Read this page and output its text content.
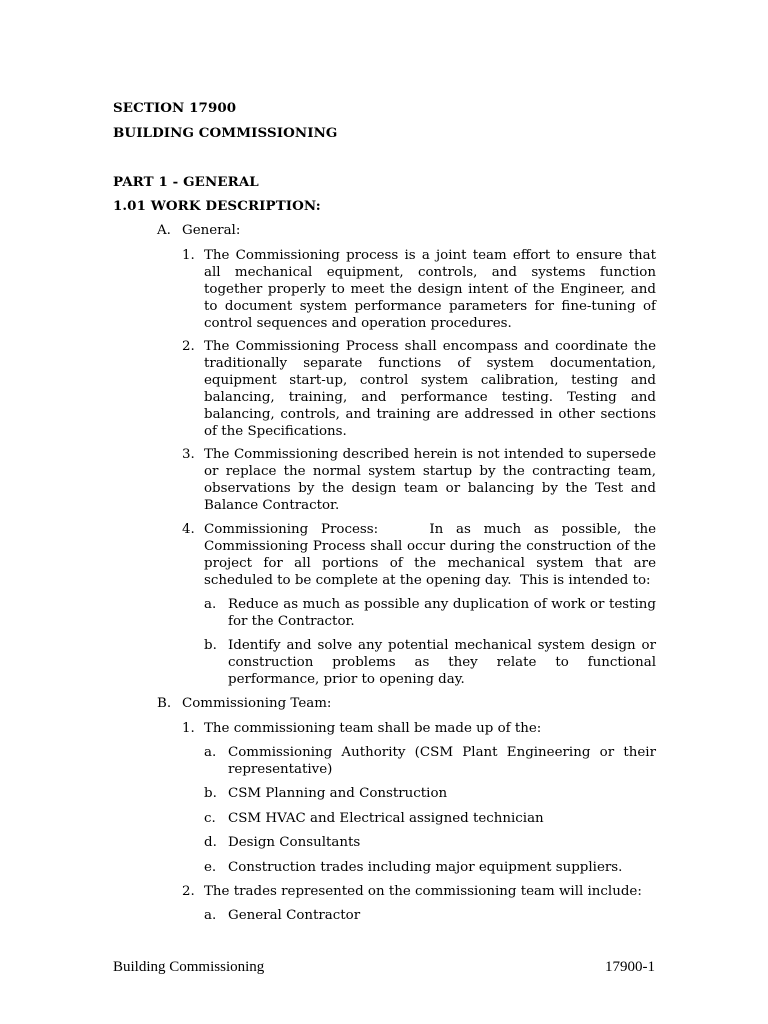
SECTION 17900
BUILDING COMMISSIONING
PART 1 - GENERAL
1.01 WORK DESCRIPTION:
A. General:
1. The Commissioning process is a joint team effort to ensure that all mechanical equipment, controls, and systems function together properly to meet the design intent of the Engineer, and to document system performance parameters for fine-tuning of control sequences and operation procedures.
2. The Commissioning Process shall encompass and coordinate the traditionally separate functions of system documentation, equipment start-up, control system calibration, testing and balancing, training, and performance testing. Testing and balancing, controls, and training are addressed in other sections of the Specifications.
3. The Commissioning described herein is not intended to supersede or replace the normal system startup by the contracting team, observations by the design team or balancing by the Test and Balance Contractor.
4. Commissioning Process:    In as much as possible, the Commissioning Process shall occur during the construction of the project for all portions of the mechanical system that are scheduled to be complete at the opening day.  This is intended to:
a. Reduce as much as possible any duplication of work or testing for the Contractor.
b. Identify and solve any potential mechanical system design or construction problems as they relate to functional performance, prior to opening day.
B. Commissioning Team:
1. The commissioning team shall be made up of the:
a. Commissioning Authority (CSM Plant Engineering or their representative)
b. CSM Planning and Construction
c. CSM HVAC and Electrical assigned technician
d. Design Consultants
e. Construction trades including major equipment suppliers.
2. The trades represented on the commissioning team will include:
a. General Contractor
Building Commissioning	17900-1
